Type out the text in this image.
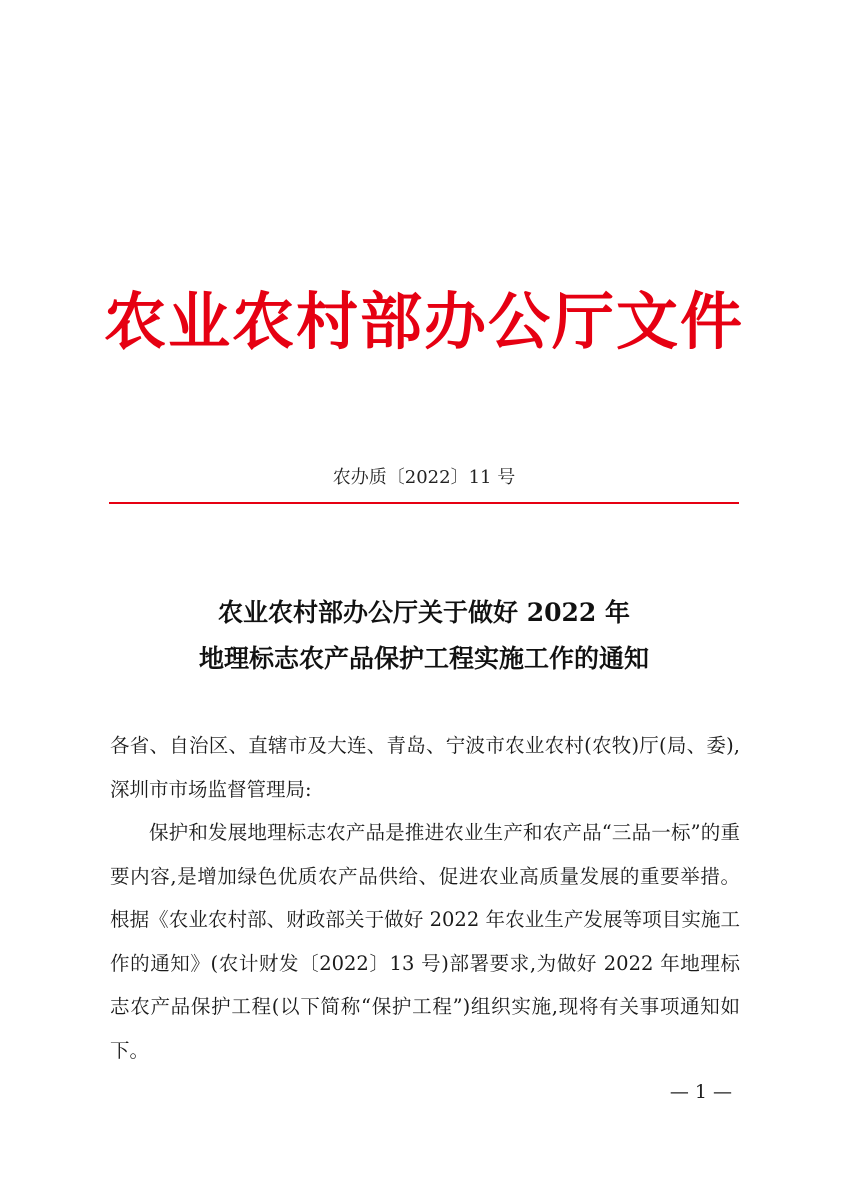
农业农村部办公厅文件
农办质〔2022〕11 号
农业农村部办公厅关于做好 2022 年
地理标志农产品保护工程实施工作的通知

各省、自治区、直辖市及大连、青岛、宁波市农业农村(农牧)厅(局、委),深圳市市场监督管理局:

保护和发展地理标志农产品是推进农业生产和农产品“三品一标”的重要内容,是增加绿色优质农产品供给、促进农业高质量发展的重要举措。根据《农业农村部、财政部关于做好 2022 年农业生产发展等项目实施工作的通知》(农计财发〔2022〕13 号)部署要求,为做好 2022 年地理标志农产品保护工程(以下简称“保护工程”)组织实施,现将有关事项通知如下。

— 1 —
